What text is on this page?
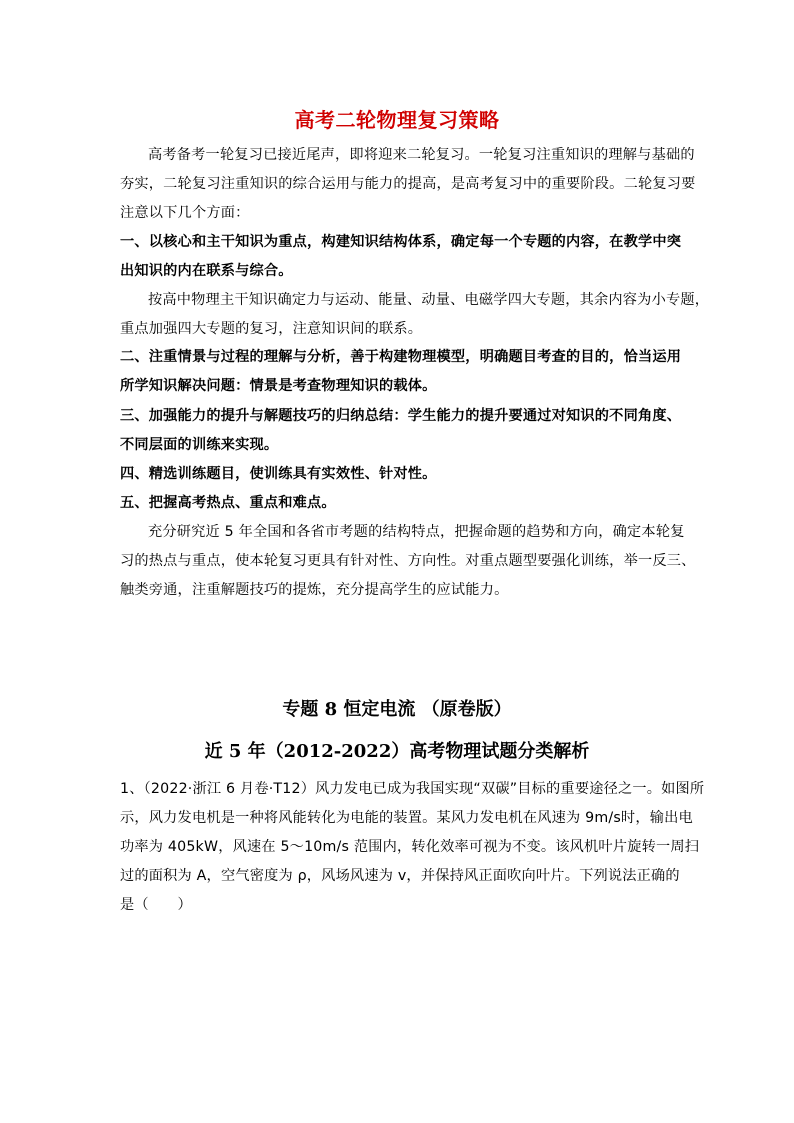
高考二轮物理复习策略
高考备考一轮复习已接近尾声，即将迎来二轮复习。一轮复习注重知识的理解与基础的
夯实，二轮复习注重知识的综合运用与能力的提高，是高考复习中的重要阶段。二轮复习要
注意以下几个方面：
一、以核心和主干知识为重点，构建知识结构体系，确定每一个专题的内容，在教学中突
出知识的内在联系与综合。
按高中物理主干知识确定力与运动、能量、动量、电磁学四大专题，其余内容为小专题，
重点加强四大专题的复习，注意知识间的联系。
二、注重情景与过程的理解与分析，善于构建物理模型，明确题目考查的目的，恰当运用
所学知识解决问题：情景是考查物理知识的载体。
三、加强能力的提升与解题技巧的归纳总结：学生能力的提升要通过对知识的不同角度、
不同层面的训练来实现。
四、精选训练题目，使训练具有实效性、针对性。
五、把握高考热点、重点和难点。
充分研究近 5 年全国和各省市考题的结构特点，把握命题的趋势和方向，确定本轮复
习的热点与重点，使本轮复习更具有针对性、方向性。对重点题型要强化训练，举一反三、
触类旁通，注重解题技巧的提炼，充分提高学生的应试能力。
专题 8 恒定电流 （原卷版）
近 5 年（2012-2022）高考物理试题分类解析
1、（2022·浙江 6 月卷·T12）风力发电已成为我国实现“双碳”目标的重要途径之一。如图所
示，风力发电机是一种将风能转化为电能的装置。某风力发电机在风速为 9m/s时，输出电
功率为 405kW，风速在 5～10m/s 范围内，转化效率可视为不变。该风机叶片旋转一周扫
过的面积为 A，空气密度为 ρ，风场风速为 v，并保持风正面吹向叶片。下列说法正确的
是（　　）
